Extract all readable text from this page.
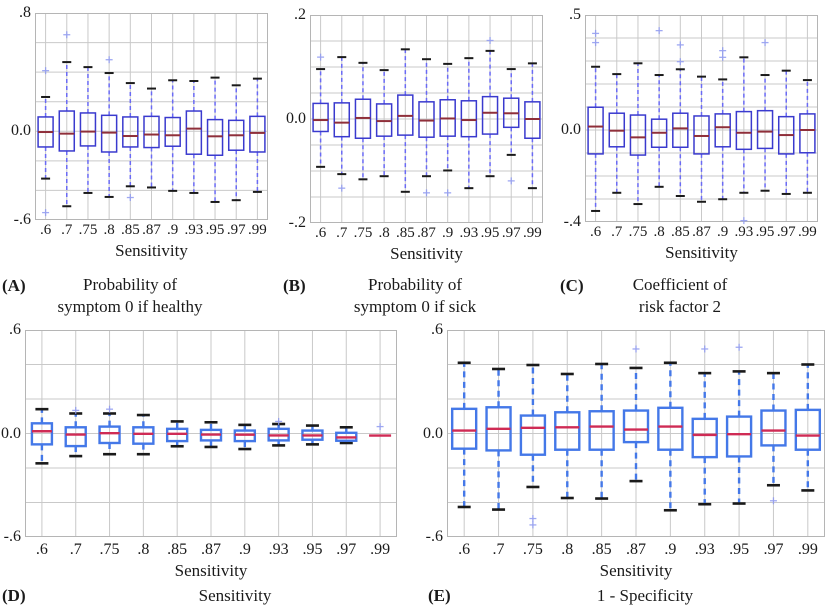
.8
0.0
-.6
.6 .7 .75 .8 .85 .87 .9 .93 .95 .97 .99
Sensitivity
.2
0.0
-.2
.6 .7 .75 .8 .85 .87 .9 .93 .95 .97 .99
Sensitivity
.5
0.0
-.4
.6 .7 .75 .8 .85 .87 .9 .93 .95 .97 .99
Sensitivity
.6
0.0
-.6
.6	.7	.75	.8	.85 .87	.9	.93 .95 .97 .99
Sensitivity
.6
0.0
-.6
.6	.7	.75	.8	.85 .87	.9	.93 .95 .97 .99
Sensitivity
(A)	Probability of
symptom 0 if healthy
(B)	Probability of
symptom 0 if sick
(C)	Coefficient of
risk factor 2
(D)	Sensitivity	(E)	1 - Specificity
